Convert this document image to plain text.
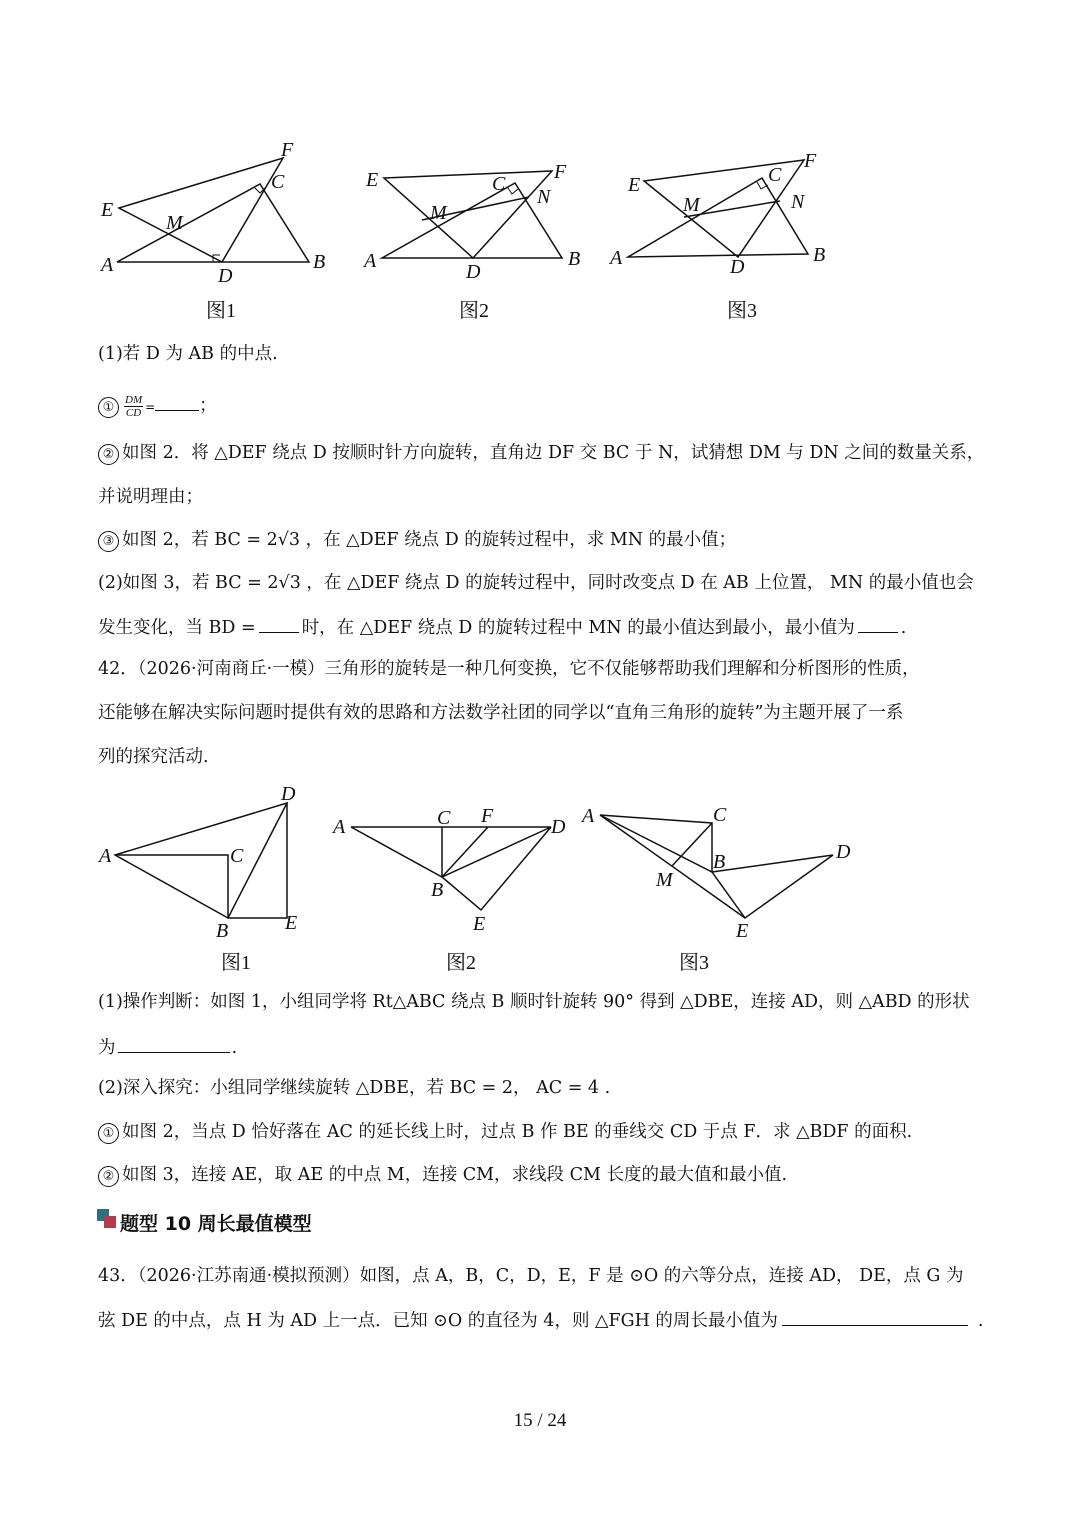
F
C
E
M
A	D
B
图1
E	C
F
N
M
A	D
B
图2
F
E	C
M	N
A	D
B
图3
(1)若 D 为 AB 的中点.
① $\frac{DM}{CD}$ =	；
② 如图 2．将 △DEF 绕点 D 按顺时针方向旋转，直角边 DF 交 BC 于 N，试猜想 DM 与 DN 之间的数量关系，
并说明理由；
③ 如图 2，若 BC = 2√3 ，在 △DEF 绕点 D 的旋转过程中，求 MN 的最小值；
(2)如图 3，若 BC = 2√3 ，在 △DEF 绕点 D 的旋转过程中，同时改变点 D 在 AB 上位置， MN 的最小值也会
发生变化，当 BD =	时，在 △DEF 绕点 D 的旋转过程中 MN 的最小值达到最小，最小值为	.
42．（2026·河南商丘·一模）三角形的旋转是一种几何变换，它不仅能够帮助我们理解和分析图形的性质，
还能够在解决实际问题时提供有效的思路和方法数学社团的同学以“直角三角形的旋转”为主题开展了一系
列的探究活动.
D
A	C
B	E
图1
A	C F	D
B
E
图2
A	C
B
M
D
E
图3
(1)操作判断：如图 1，小组同学将 Rt△ABC 绕点 B 顺时针旋转 90° 得到 △DBE，连接 AD，则 △ABD 的形状
为	.
(2)深入探究：小组同学继续旋转 △DBE，若 BC = 2， AC = 4 .
① 如图 2，当点 D 恰好落在 AC 的延长线上时，过点 B 作 BE 的垂线交 CD 于点 F．求 △BDF 的面积.
② 如图 3，连接 AE，取 AE 的中点 M，连接 CM，求线段 CM 长度的最大值和最小值.
题型 10 周长最值模型
43．（2026·江苏南通·模拟预测）如图，点 A，B，C，D，E，F 是 ⊙O 的六等分点，连接 AD， DE，点 G 为
弦 DE 的中点，点 H 为 AD 上一点．已知 ⊙O 的直径为 4，则 △FGH 的周长最小值为	.
15 / 24
